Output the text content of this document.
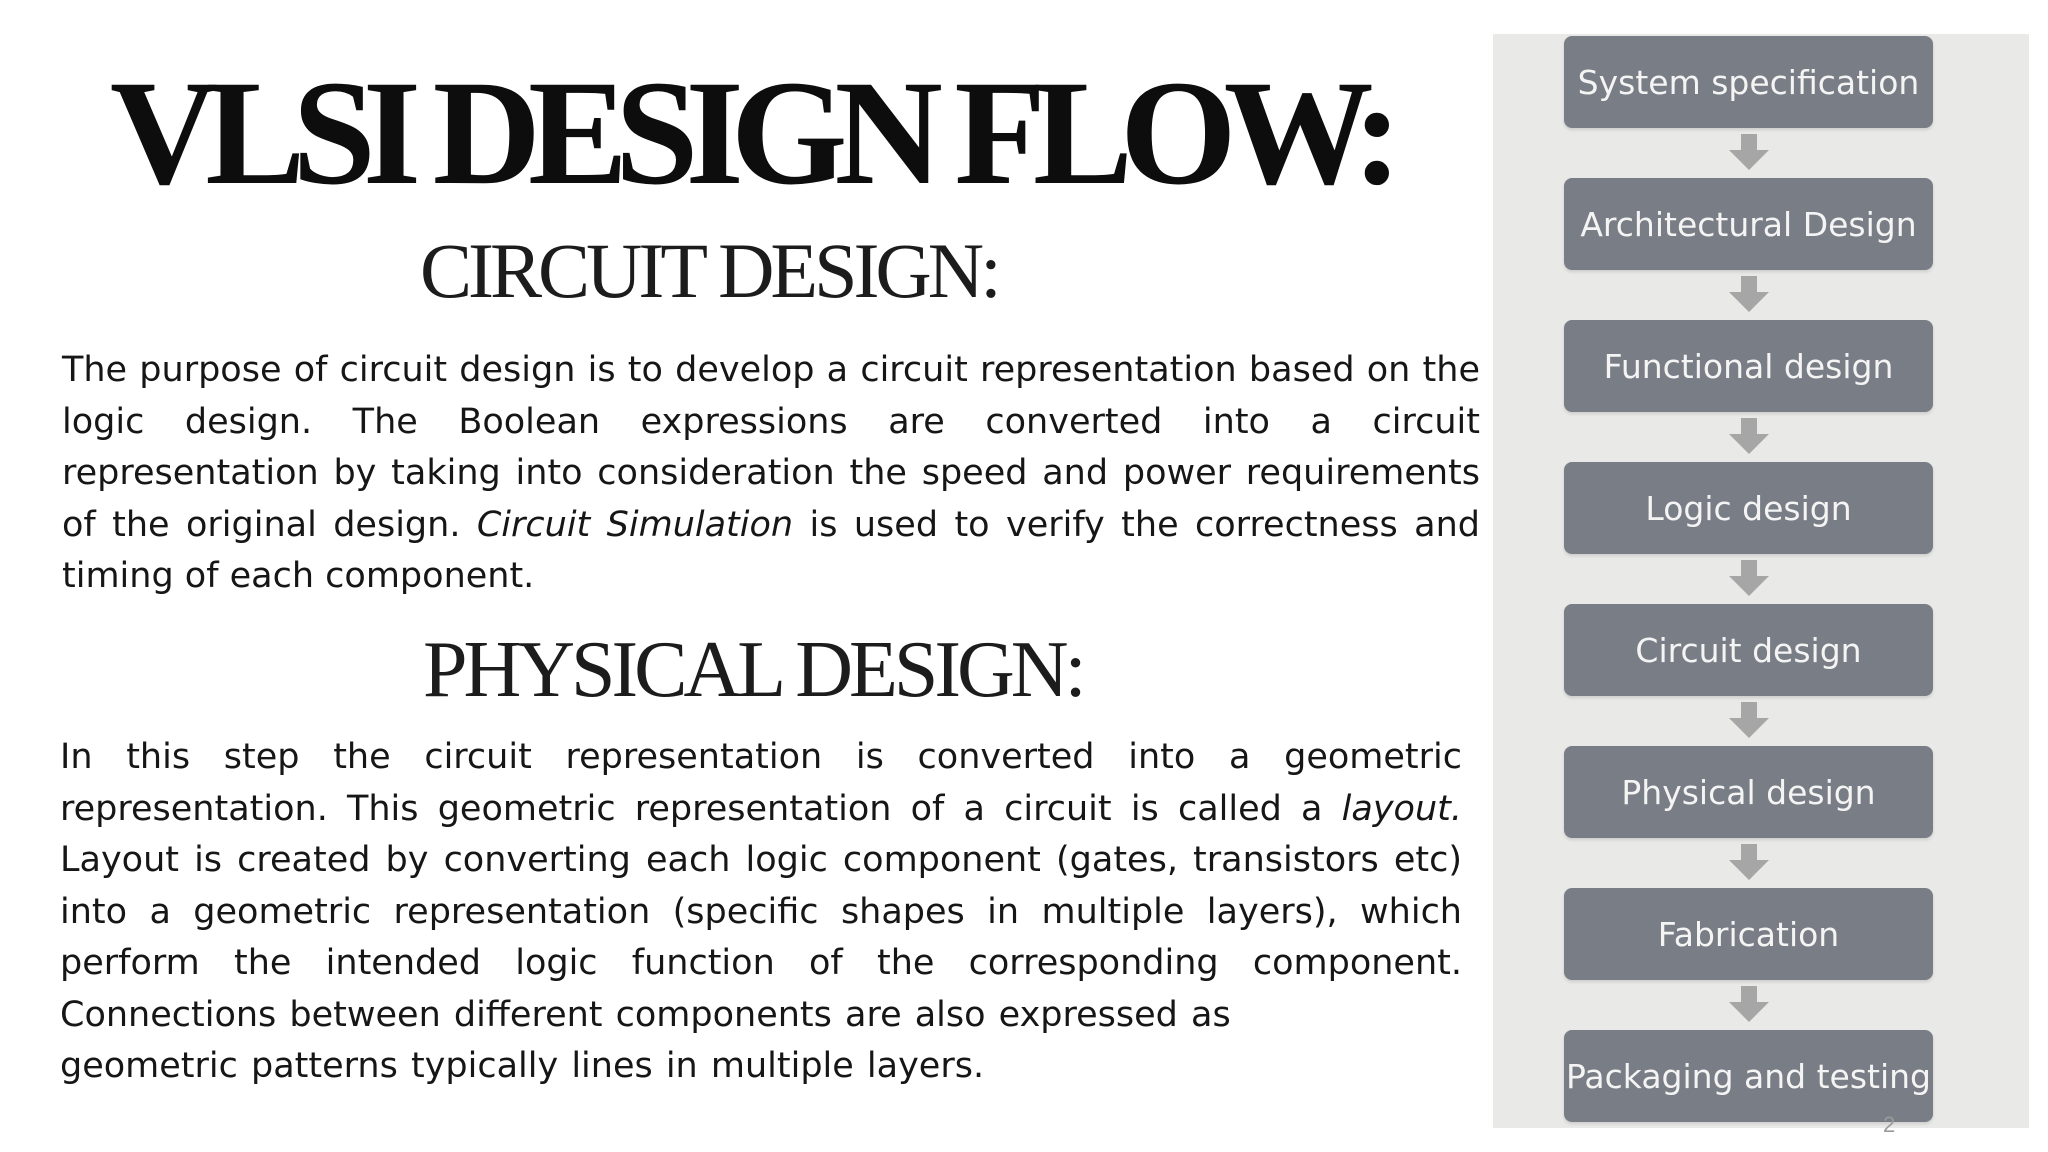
VLSI DESIGN FLOW:
CIRCUIT DESIGN:

The purpose of circuit design is to develop a circuit representation based on the logic design. The Boolean expressions are converted into a circuit representation by taking into consideration the speed and power requirements of the original design. Circuit Simulation is used to verify the correctness and timing of each component.

PHYSICAL DESIGN:

In this step the circuit representation is converted into a geometric representation. This geometric representation of a circuit is called a layout. Layout is created by converting each logic component (gates, transistors etc) into a geometric representation (specific shapes in multiple layers), which perform the intended logic function of the corresponding component. Connections between different components are also expressed as
geometric patterns typically lines in multiple layers.

System specification
Architectural Design
Functional design
Logic design
Circuit design
Physical design
Fabrication
Packaging and testing
2
